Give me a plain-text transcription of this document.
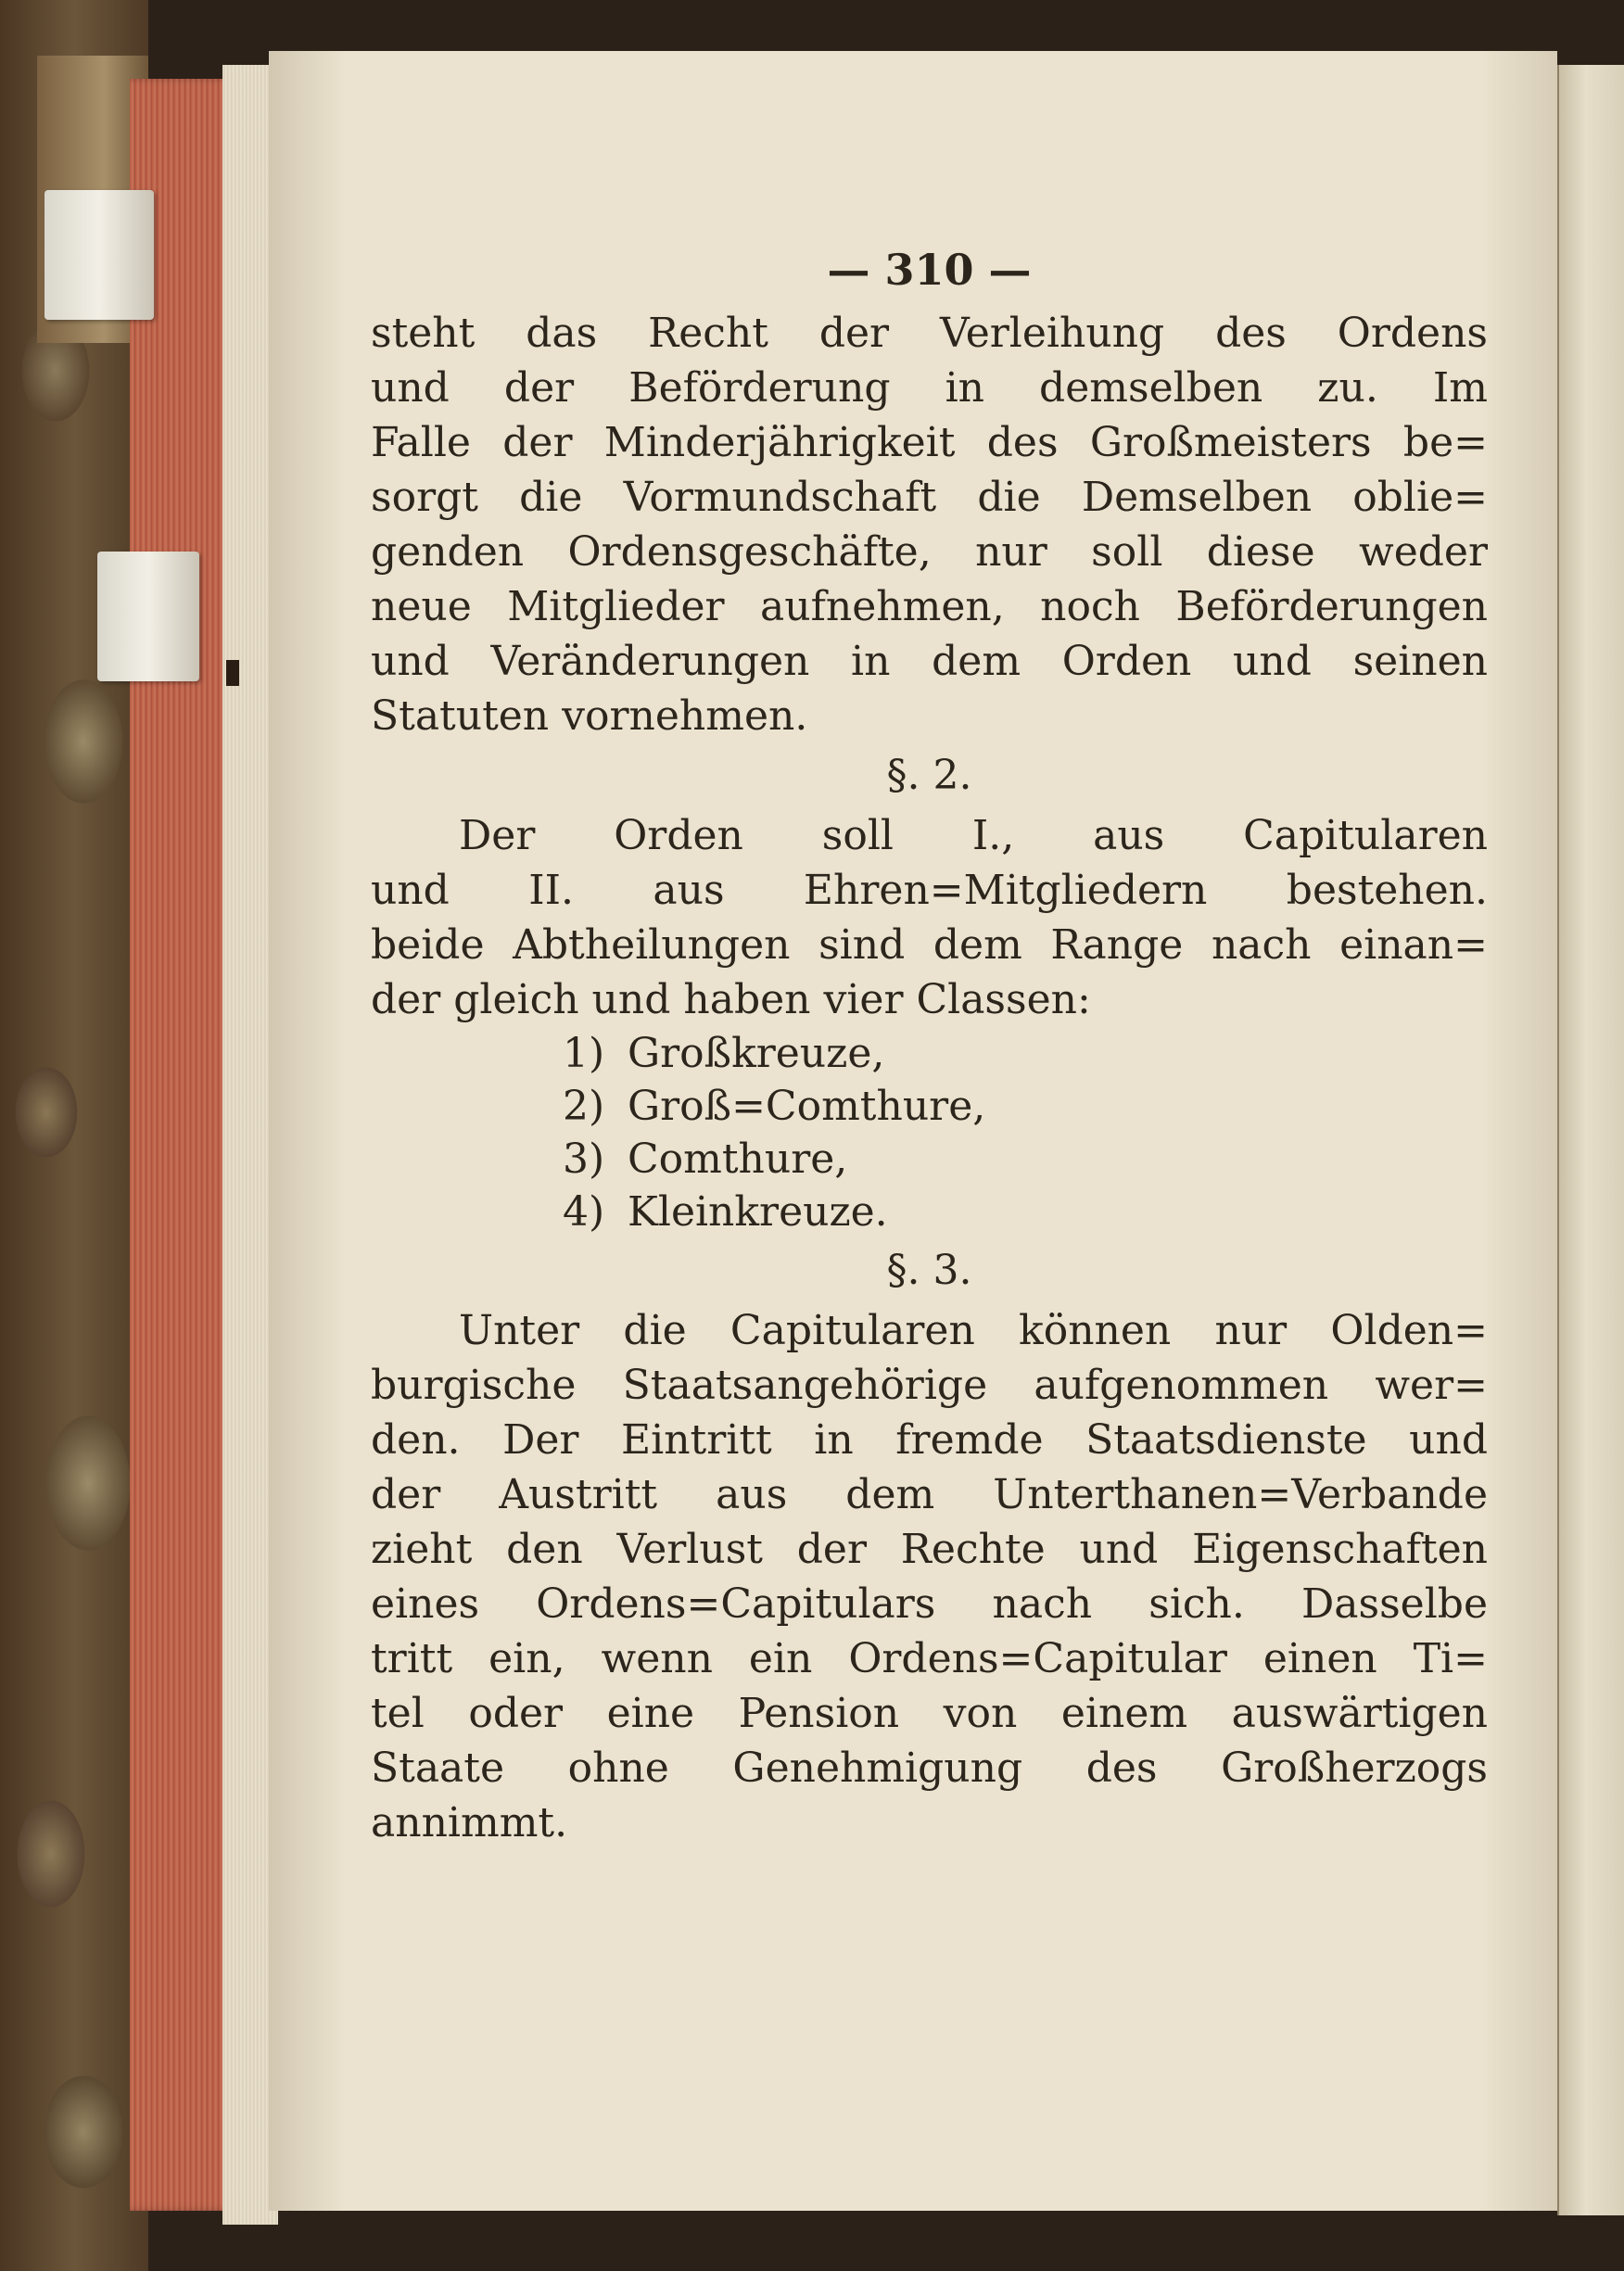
— 310 —
steht das Recht der Verleihung des Ordens
und der Beförderung in demselben zu. Im
Falle der Minderjährigkeit des Großmeisters be=
sorgt die Vormundschaft die Demselben oblie=
genden Ordensgeschäfte, nur soll diese weder
neue Mitglieder aufnehmen, noch Beförderungen
und Veränderungen in dem Orden und seinen
Statuten vornehmen.
§. 2.
Der Orden soll I., aus Capitularen
und II. aus Ehren=Mitgliedern bestehen.
beide Abtheilungen sind dem Range nach einan=
der gleich und haben vier Classen:
1) Großkreuze,
2) Groß=Comthure,
3) Comthure,
4) Kleinkreuze.
§. 3.
Unter die Capitularen können nur Olden=
burgische Staatsangehörige aufgenommen wer=
den. Der Eintritt in fremde Staatsdienste und
der Austritt aus dem Unterthanen=Verbande
zieht den Verlust der Rechte und Eigenschaften
eines Ordens=Capitulars nach sich. Dasselbe
tritt ein, wenn ein Ordens=Capitular einen Ti=
tel oder eine Pension von einem auswärtigen
Staate ohne Genehmigung des Großherzogs
annimmt.
